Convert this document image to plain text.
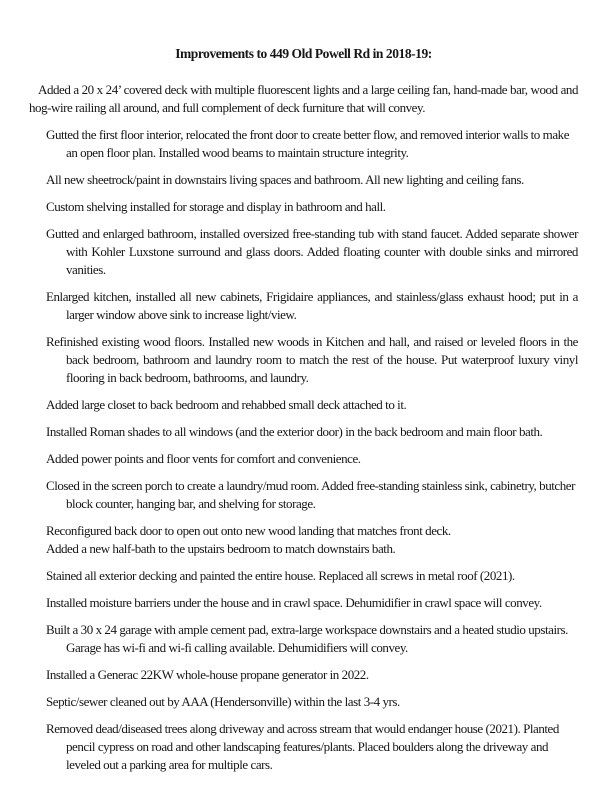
Improvements to 449 Old Powell Rd in 2018-19:

Added a 20 x 24’ covered deck with multiple fluorescent lights and a large ceiling fan, hand-made bar, wood and hog-wire railing all around, and full complement of deck furniture that will convey.

Gutted the first floor interior, relocated the front door to create better flow, and removed interior walls to make an open floor plan. Installed wood beams to maintain structure integrity.

All new sheetrock/paint in downstairs living spaces and bathroom. All new lighting and ceiling fans.

Custom shelving installed for storage and display in bathroom and hall.

Gutted and enlarged bathroom, installed oversized free-standing tub with stand faucet. Added separate shower with Kohler Luxstone surround and glass doors. Added floating counter with double sinks and mirrored vanities.

Enlarged kitchen, installed all new cabinets, Frigidaire appliances, and stainless/glass exhaust hood; put in a larger window above sink to increase light/view.

Refinished existing wood floors. Installed new woods in Kitchen and hall, and raised or leveled floors in the back bedroom, bathroom and laundry room to match the rest of the house. Put waterproof luxury vinyl flooring in back bedroom, bathrooms, and laundry.

Added large closet to back bedroom and rehabbed small deck attached to it.

Installed Roman shades to all windows (and the exterior door) in the back bedroom and main floor bath.

Added power points and floor vents for comfort and convenience.

Closed in the screen porch to create a laundry/mud room. Added free-standing stainless sink, cabinetry, butcher block counter, hanging bar, and shelving for storage.

Reconfigured back door to open out onto new wood landing that matches front deck.

Added a new half-bath to the upstairs bedroom to match downstairs bath.

Stained all exterior decking and painted the entire house. Replaced all screws in metal roof (2021).

Installed moisture barriers under the house and in crawl space. Dehumidifier in crawl space will convey.

Built a 30 x 24 garage with ample cement pad, extra-large workspace downstairs and a heated studio upstairs. Garage has wi-fi and wi-fi calling available. Dehumidifiers will convey.

Installed a Generac 22KW whole-house propane generator in 2022.

Septic/sewer cleaned out by AAA (Hendersonville) within the last 3-4 yrs.

Removed dead/diseased trees along driveway and across stream that would endanger house (2021). Planted pencil cypress on road and other landscaping features/plants. Placed boulders along the driveway and leveled out a parking area for multiple cars.
